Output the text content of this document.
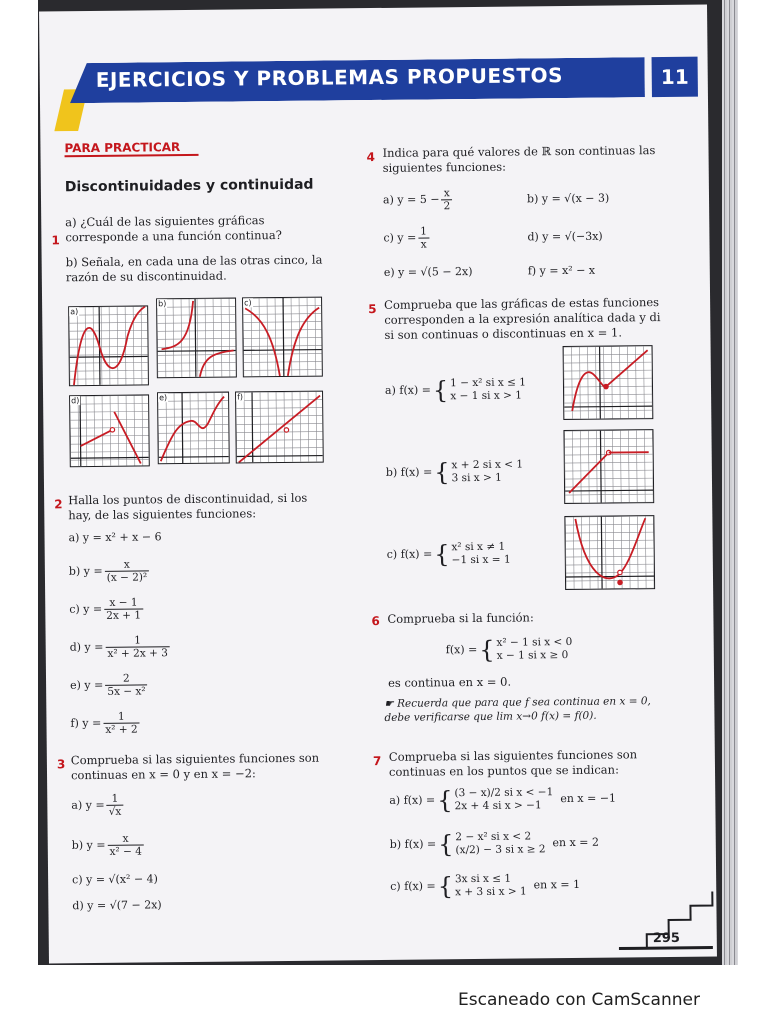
EJERCICIOS Y PROBLEMAS PROPUESTOS	11
PARA PRACTICAR
Discontinuidades y continuidad
1
a) ¿Cuál de las siguientes gráficas corresponde a una función continua?
b) Señala, en cada una de las otras cinco, la razón de su discontinuidad.
a)
b)	c)
d)	e)	f)
2 Halla los puntos de discontinuidad, si los hay, de las siguientes funciones:
a) y = x² + x − 6
b) $y = \frac{x}{\text{(x − 2)²}}$
c) $y = \frac{x - 1}{2x + 1}$
d) $y = \frac{1}{\text{x² + 2x + 3}}$
e) $y = \frac{2}{\text{5x − x²}}$
f) $y = \frac{1}{\text{x² + 2}}$
3 Comprueba si las siguientes funciones son continuas en x = 0 y en x = −2:
a) $y = \frac{1}{√x}$
b) $y = \frac{x}{\text{x² − 4}}$
c) y = √(x² − 4)
d) y = √(7 − 2x)
4 Indica para qué valores de ℝ son continuas las siguientes funciones:
a) $y = 5 - \frac{x}{2}$	b) y = √(x − 3)
c) $y = \frac{1}{x}$	d) y = √(−3x)
e) y = √(5 − 2x)	f) y = x² − x
5 Comprueba que las gráficas de estas funciones corresponden a la expresión analítica dada y di si son continuas o discontinuas en x = 1.
a) f(x) ={ 1 − x² si x ≤ 1
x − 1 si x > 1
b) f(x) ={ x + 2 si x < 1
3 si x > 1
c) f(x) ={ x² si x ≠ 1
−1 si x = 1
6 Comprueba si la función:
f(x) ={ x² − 1 si x < 0
x − 1 si x ≥ 0
es continua en x = 0.
☛ Recuerda que para que f sea continua en x = 0, debe verificarse que lim x→0 f(x) = f(0).
7 Comprueba si las siguientes funciones son continuas en los puntos que se indican:
a) f(x) ={ (3 − x)/2 si x < −1
2x + 4 si x > −1
en x = −1
b) f(x) ={ 2 − x² si x < 2
(x/2) − 3 si x ≥ 2
en x = 2
c) f(x) ={ 3x si x ≤ 1
x + 3 si x > 1
en x = 1
295
Escaneado con CamScanner
